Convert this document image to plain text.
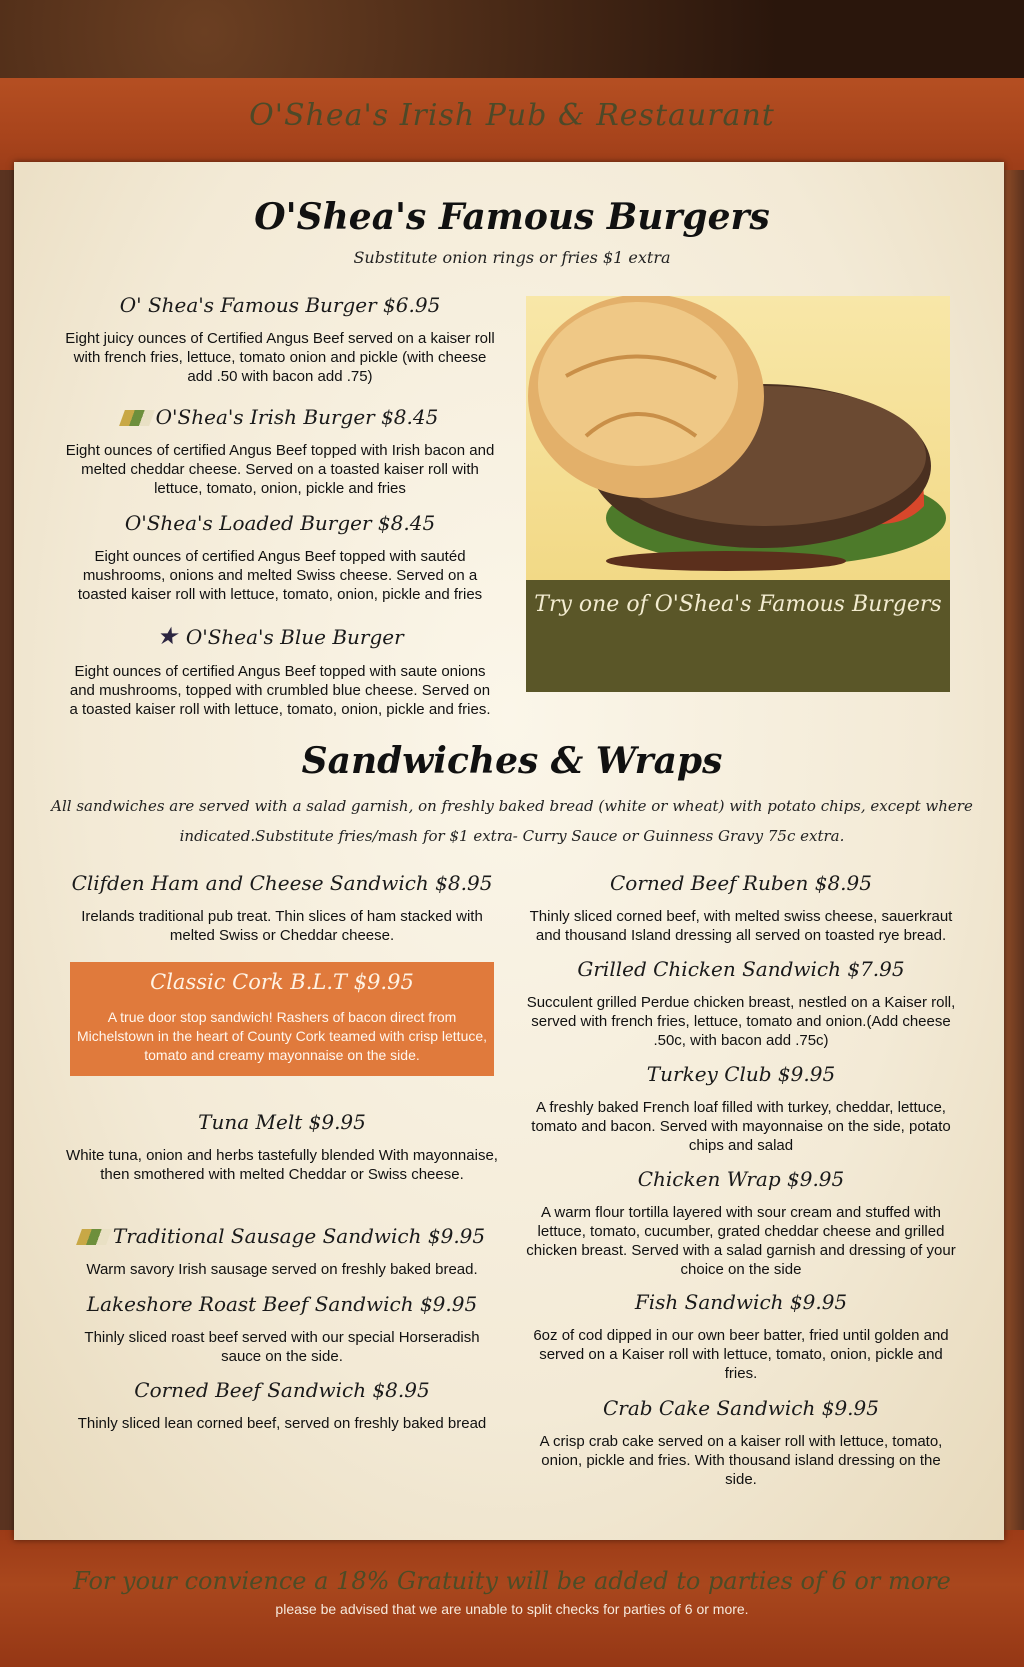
O'Shea's Irish Pub & Restaurant
O'Shea's Famous Burgers
Substitute onion rings or fries $1 extra
O' Shea's Famous Burger $6.95
Eight juicy ounces of Certified Angus Beef served on a kaiser roll with french fries, lettuce, tomato onion and pickle (with cheese add .50 with bacon add .75)
O'Shea's Irish Burger $8.45
Eight ounces of certified Angus Beef topped with Irish bacon and melted cheddar cheese. Served on a toasted kaiser roll with lettuce, tomato, onion, pickle and fries
O'Shea's Loaded Burger $8.45
Eight ounces of certified Angus Beef topped with sautéd mushrooms, onions and melted Swiss cheese. Served on a toasted kaiser roll with lettuce, tomato, onion, pickle and fries
★ O'Shea's Blue Burger
Eight ounces of certified Angus Beef topped with saute onions and mushrooms, topped with crumbled blue cheese. Served on a toasted kaiser roll with lettuce, tomato, onion, pickle and fries.
Try one of O'Shea's Famous Burgers
Sandwiches & Wraps
All sandwiches are served with a salad garnish, on freshly baked bread (white or wheat) with potato chips, except where
indicated.Substitute fries/mash for $1 extra- Curry Sauce or Guinness Gravy 75c extra.
Clifden Ham and Cheese Sandwich $8.95
Irelands traditional pub treat. Thin slices of ham stacked with melted Swiss or Cheddar cheese.
Classic Cork B.L.T $9.95
A true door stop sandwich! Rashers of bacon direct from Michelstown in the heart of County Cork teamed with crisp lettuce, tomato and creamy mayonnaise on the side.
Tuna Melt $9.95
White tuna, onion and herbs tastefully blended With mayonnaise, then smothered with melted Cheddar or Swiss cheese.
Traditional Sausage Sandwich $9.95
Warm savory Irish sausage served on freshly baked bread.
Lakeshore Roast Beef Sandwich $9.95
Thinly sliced roast beef served with our special Horseradish sauce on the side.
Corned Beef Sandwich $8.95
Thinly sliced lean corned beef, served on freshly baked bread
Corned Beef Ruben $8.95
Thinly sliced corned beef, with melted swiss cheese, sauerkraut and thousand Island dressing all served on toasted rye bread.
Grilled Chicken Sandwich $7.95
Succulent grilled Perdue chicken breast, nestled on a Kaiser roll, served with french fries, lettuce, tomato and onion.(Add cheese .50c, with bacon add .75c)
Turkey Club $9.95
A freshly baked French loaf filled with turkey, cheddar, lettuce, tomato and bacon. Served with mayonnaise on the side, potato chips and salad
Chicken Wrap $9.95
A warm flour tortilla layered with sour cream and stuffed with lettuce, tomato, cucumber, grated cheddar cheese and grilled chicken breast. Served with a salad garnish and dressing of your choice on the side
Fish Sandwich $9.95
6oz of cod dipped in our own beer batter, fried until golden and served on a Kaiser roll with lettuce, tomato, onion, pickle and fries.
Crab Cake Sandwich $9.95
A crisp crab cake served on a kaiser roll with lettuce, tomato, onion, pickle and fries. With thousand island dressing on the side.
For your convience a 18% Gratuity will be added to parties of 6 or more
please be advised that we are unable to split checks for parties of 6 or more.
